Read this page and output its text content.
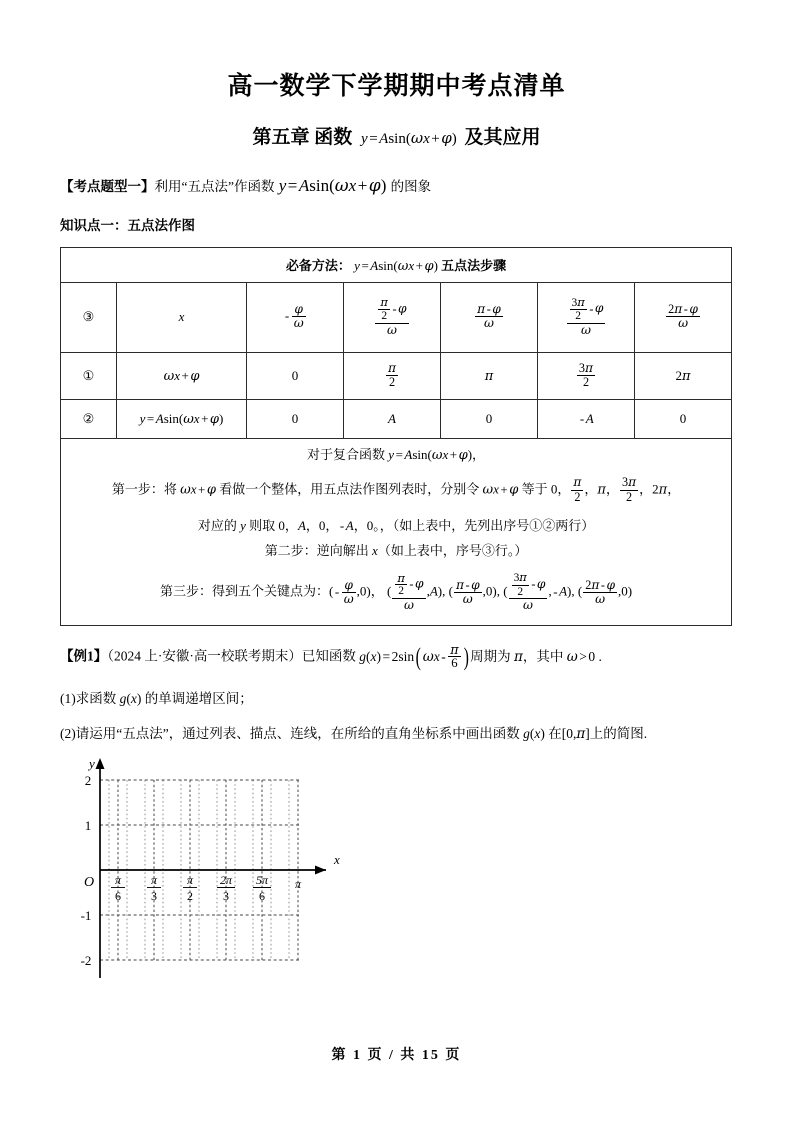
高一数学下学期期中考点清单
第五章 函数 y = Asin(ωx + φ) 及其应用
【考点题型一】利用“五点法”作函数 y=Asin(ωx+φ) 的图象
知识点一：五点法作图
必备方法： y = Asin(ωx + φ) 五点法步骤						
③	x	- $\frac{\varphi}{\omega}$	$\frac{\frac{\pi}{2} - \varphi}{\omega}$	$\frac{\pi - \varphi}{\omega}$	$\frac{\frac{3\pi}{2} - \varphi}{\omega}$	$\frac{2\pi - \varphi}{\omega}$

①	ωx + φ	0	$\frac{\pi}{2}$	π	$\frac{3\pi}{2}$	2π
②	y = Asin(ωx + φ)	0	A	0	- A	0

对于复合函数 y = Asin(ωx + φ)，
第一步：将 ωx + φ 看做一个整体，用五点法作图列表时，分别令 ωx + φ 等于 0， $\frac{\pi}{2}$ ，π， $\frac{3\pi}{2}$ ，2π，
对应的 y 则取 0，A，0， - A，0。，（如上表中，先列出序号①②两行）
第二步：逆向解出 x（如上表中，序号③行。）
第三步：得到五个关键点为：( - $\frac{\varphi}{\omega} ,0$)， ( $\frac{\frac{\pi}{2} - \varphi}{\omega} ,A$), ( $\frac{\pi - \varphi}{\omega} ,0$), ( $\frac{\frac{3\pi}{2} - \varphi}{\omega}$ , - A), ( $\frac{2\pi - \varphi}{\omega} ,0$)
【例1】（2024 上·安徽·高一校联考期末）已知函数 g(x) = 2sin( ωx - $\frac{\pi}{6}$ ) 周期为 π，其中 ω > 0 .
(1)求函数 g(x) 的单调递增区间；
(2)请运用“五点法”，通过列表、描点、连线，在所给的直角坐标系中画出函数 g(x) 在[0,π]上的简图.
y
x
O
2
1
-1
-2
π
6
π
3
π
2
2π
3
5π
6
π
第 1 页 / 共 15 页
